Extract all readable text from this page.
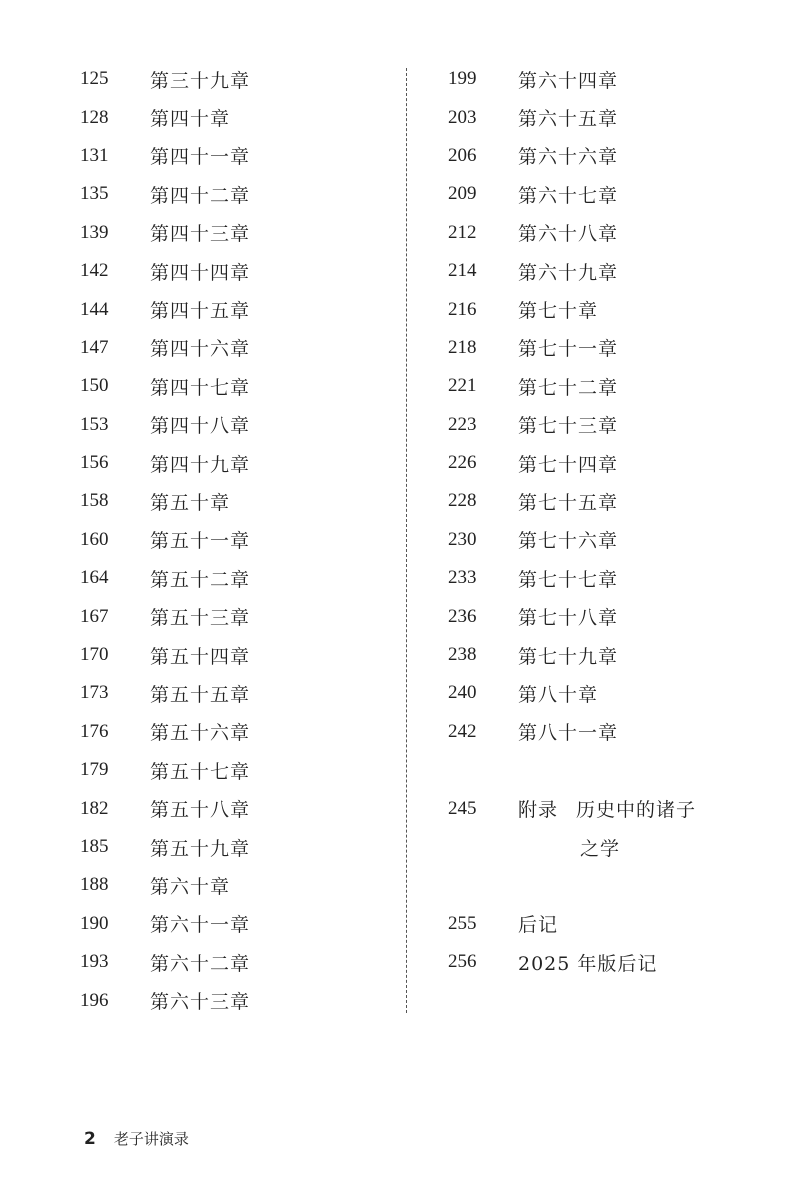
125	第三十九章
128	第四十章
131	第四十一章
135	第四十二章
139	第四十三章
142	第四十四章
144	第四十五章
147	第四十六章
150	第四十七章
153	第四十八章
156	第四十九章
158	第五十章
160	第五十一章
164	第五十二章
167	第五十三章
170	第五十四章
173	第五十五章
176	第五十六章
179	第五十七章
182	第五十八章
185	第五十九章
188	第六十章
190	第六十一章
193	第六十二章
196	第六十三章
199	第六十四章
203	第六十五章
206	第六十六章
209	第六十七章
212	第六十八章
214	第六十九章
216	第七十章
218	第七十一章
221	第七十二章
223	第七十三章
226	第七十四章
228	第七十五章
230	第七十六章
233	第七十七章
236	第七十八章
238	第七十九章
240	第八十章
242	第八十一章
245	附录 历史中的诸子
之学
255	后记
256	2025 年版后记
2 老子讲演录
